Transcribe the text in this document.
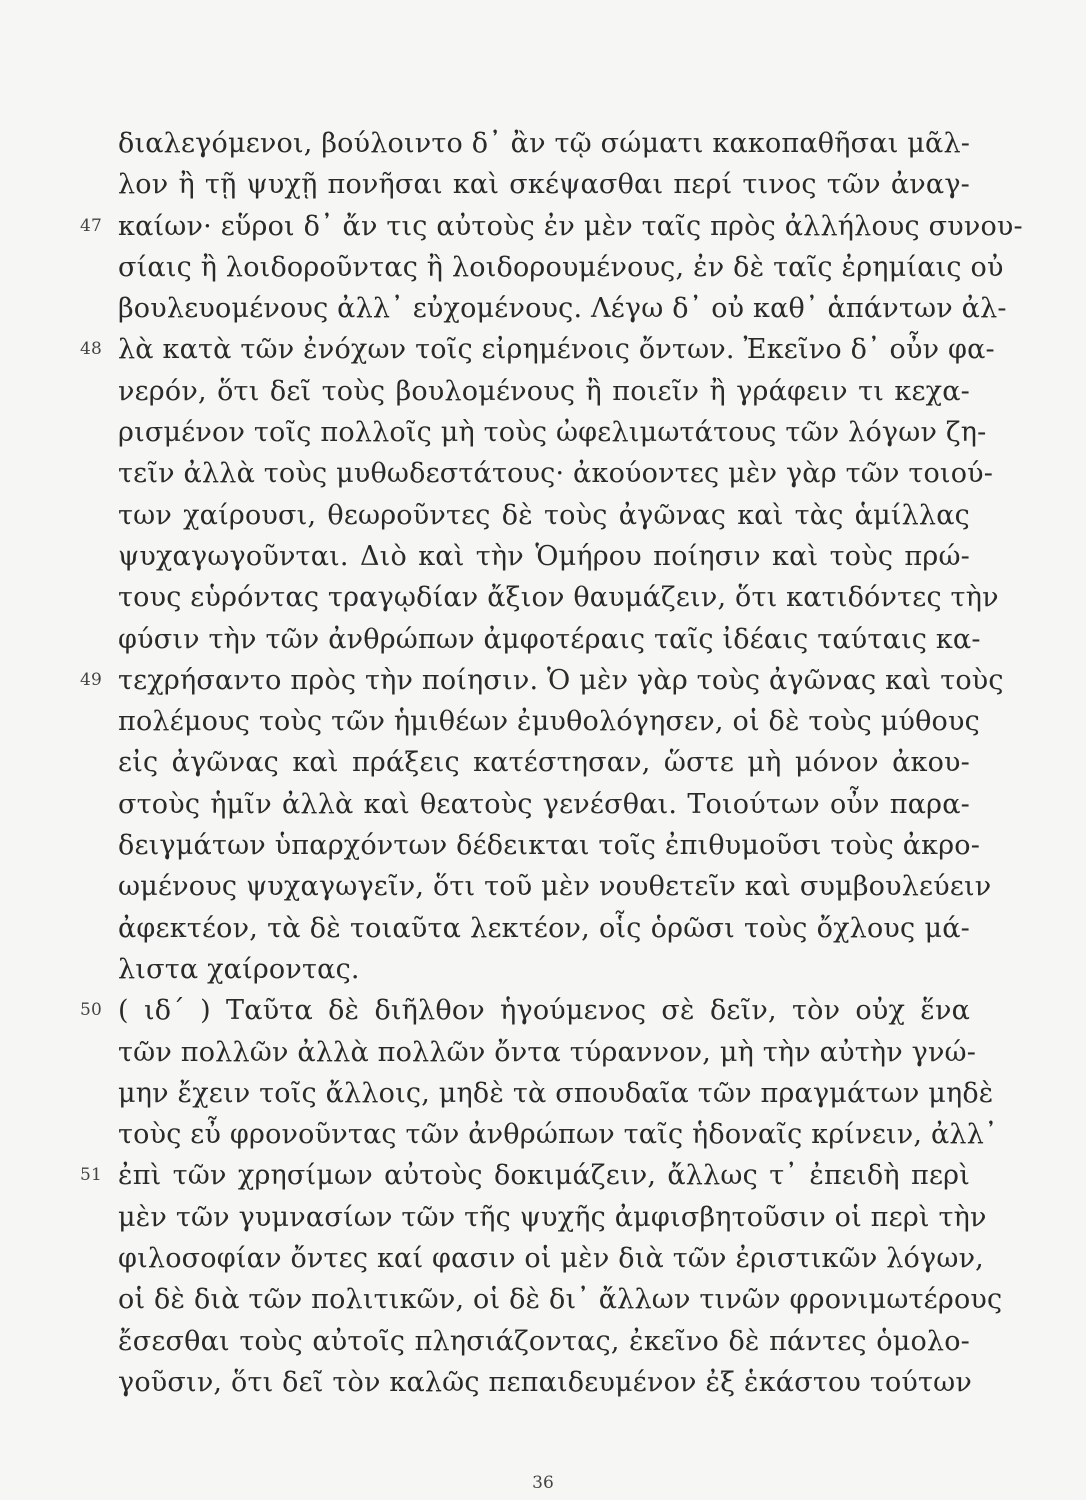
διαλεγόμενοι, βούλοιντο δ᾽ ἂν τῷ σώματι κακοπαθῆσαι μᾶλ-
λον ἢ τῇ ψυχῇ πονῆσαι καὶ σκέψασθαι περί τινος τῶν ἀναγ-
47 καίων· εὕροι δ᾽ ἄν τις αὐτοὺς ἐν μὲν ταῖς πρὸς ἀλλήλους συνου-
σίαις ἢ λοιδοροῦντας ἢ λοιδορουμένους, ἐν δὲ ταῖς ἐρημίαις οὐ
βουλευομένους ἀλλ᾽ εὐχομένους. Λέγω δ᾽ οὐ καθ᾽ ἁπάντων ἀλ-
48 λὰ κατὰ τῶν ἐνόχων τοῖς εἰρημένοις ὄντων. Ἐκεῖνο δ᾽ οὖν φα-
νερόν, ὅτι δεῖ τοὺς βουλομένους ἢ ποιεῖν ἢ γράφειν τι κεχα-
ρισμένον τοῖς πολλοῖς μὴ τοὺς ὠφελιμωτάτους τῶν λόγων ζη-
τεῖν ἀλλὰ τοὺς μυθωδεστάτους· ἀκούοντες μὲν γὰρ τῶν τοιού-
των χαίρουσι, θεωροῦντες δὲ τοὺς ἀγῶνας καὶ τὰς ἁμίλλας
ψυχαγωγοῦνται. Διὸ καὶ τὴν Ὁμήρου ποίησιν καὶ τοὺς πρώ-
τους εὑρόντας τραγῳδίαν ἄξιον θαυμάζειν, ὅτι κατιδόντες τὴν
φύσιν τὴν τῶν ἀνθρώπων ἀμφοτέραις ταῖς ἰδέαις ταύταις κα-
49 τεχρήσαντο πρὸς τὴν ποίησιν. Ὁ μὲν γὰρ τοὺς ἀγῶνας καὶ τοὺς
πολέμους τοὺς τῶν ἡμιθέων ἐμυθολόγησεν, οἱ δὲ τοὺς μύθους
εἰς ἀγῶνας καὶ πράξεις κατέστησαν, ὥστε μὴ μόνον ἀκου-
στοὺς ἡμῖν ἀλλὰ καὶ θεατοὺς γενέσθαι. Τοιούτων οὖν παρα-
δειγμάτων ὑπαρχόντων δέδεικται τοῖς ἐπιθυμοῦσι τοὺς ἀκρο-
ωμένους ψυχαγωγεῖν, ὅτι τοῦ μὲν νουθετεῖν καὶ συμβουλεύειν
ἀφεκτέον, τὰ δὲ τοιαῦτα λεκτέον, οἷς ὁρῶσι τοὺς ὄχλους μά-
λιστα χαίροντας.
50 ( ιδ΄ ) Ταῦτα δὲ διῆλθον ἡγούμενος σὲ δεῖν, τὸν οὐχ ἕνα
τῶν πολλῶν ἀλλὰ πολλῶν ὄντα τύραννον, μὴ τὴν αὐτὴν γνώ-
μην ἔχειν τοῖς ἄλλοις, μηδὲ τὰ σπουδαῖα τῶν πραγμάτων μηδὲ
τοὺς εὖ φρονοῦντας τῶν ἀνθρώπων ταῖς ἡδοναῖς κρίνειν, ἀλλ᾽
51 ἐπὶ τῶν χρησίμων αὐτοὺς δοκιμάζειν, ἄλλως τ᾽ ἐπειδὴ περὶ
μὲν τῶν γυμνασίων τῶν τῆς ψυχῆς ἀμφισβητοῦσιν οἱ περὶ τὴν
φιλοσοφίαν ὄντες καί φασιν οἱ μὲν διὰ τῶν ἐριστικῶν λόγων,
οἱ δὲ διὰ τῶν πολιτικῶν, οἱ δὲ δι᾽ ἄλλων τινῶν φρονιμωτέρους
ἔσεσθαι τοὺς αὐτοῖς πλησιάζοντας, ἐκεῖνο δὲ πάντες ὁμολο-
γοῦσιν, ὅτι δεῖ τὸν καλῶς πεπαιδευμένον ἐξ ἑκάστου τούτων
36
